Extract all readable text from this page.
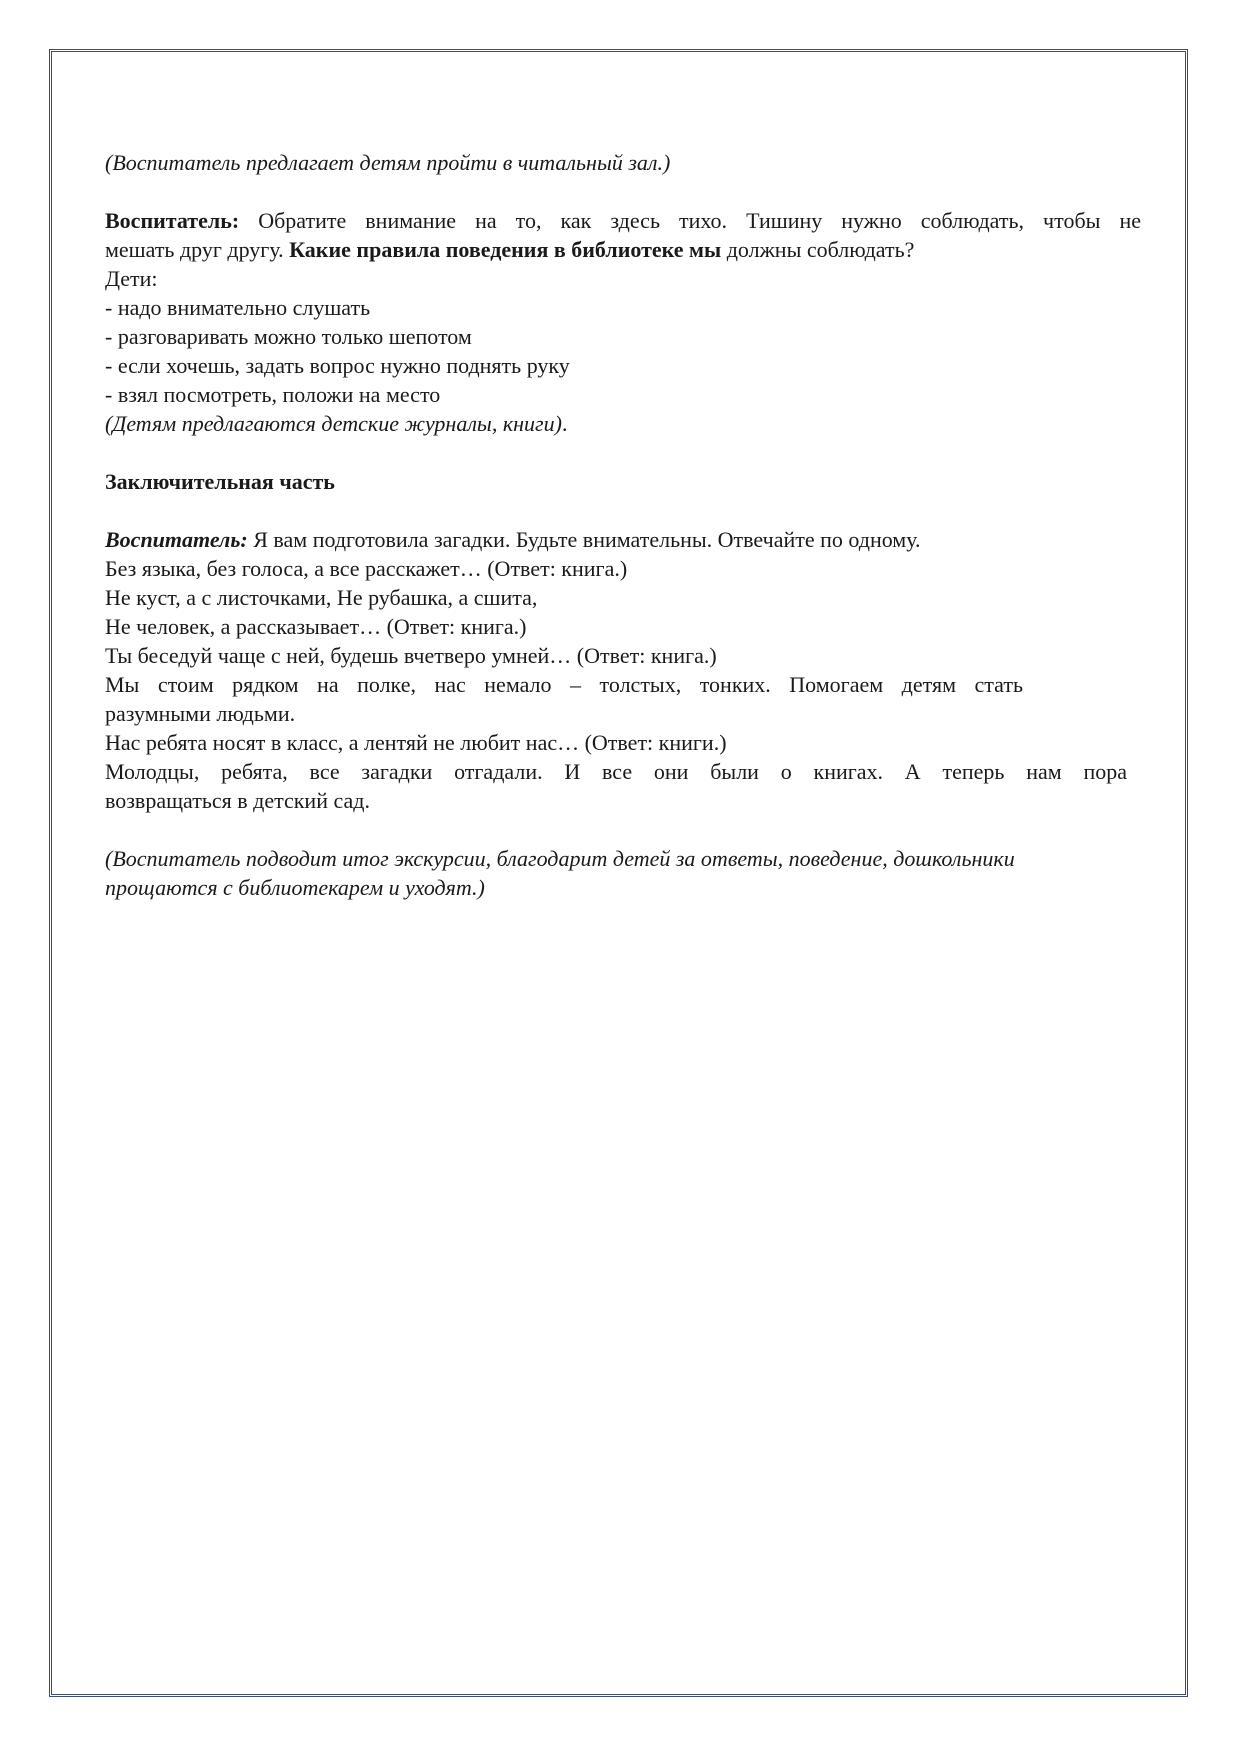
(Воспитатель предлагает детям пройти в читальный зал.)
Воспитатель: Обратите внимание на то, как здесь тихо. Тишину нужно соблюдать, чтобы не
мешать друг другу. Какие правила поведения в библиотеке мы должны соблюдать?
Дети:
- надо внимательно слушать
- разговаривать можно только шепотом
- если хочешь, задать вопрос нужно поднять руку
- взял посмотреть, положи на место
(Детям предлагаются детские журналы, книги).
Заключительная часть
Воспитатель: Я вам подготовила загадки. Будьте внимательны. Отвечайте по одному.
Без языка, без голоса, а все расскажет… (Ответ: книга.)
Не куст, а с листочками, Не рубашка, а сшита,
Не человек, а рассказывает… (Ответ: книга.)
Ты беседуй чаще с ней, будешь вчетверо умней… (Ответ: книга.)
Мы стоим рядком на полке, нас немало – толстых, тонких. Помогаем детям стать
разумными людьми.
Нас ребята носят в класс, а лентяй не любит нас… (Ответ: книги.)
Молодцы, ребята, все загадки отгадали. И все они были о книгах. А теперь нам пора
возвращаться в детский сад.
(Воспитатель подводит итог экскурсии, благодарит детей за ответы, поведение, дошкольники
прощаются с библиотекарем и уходят.)
